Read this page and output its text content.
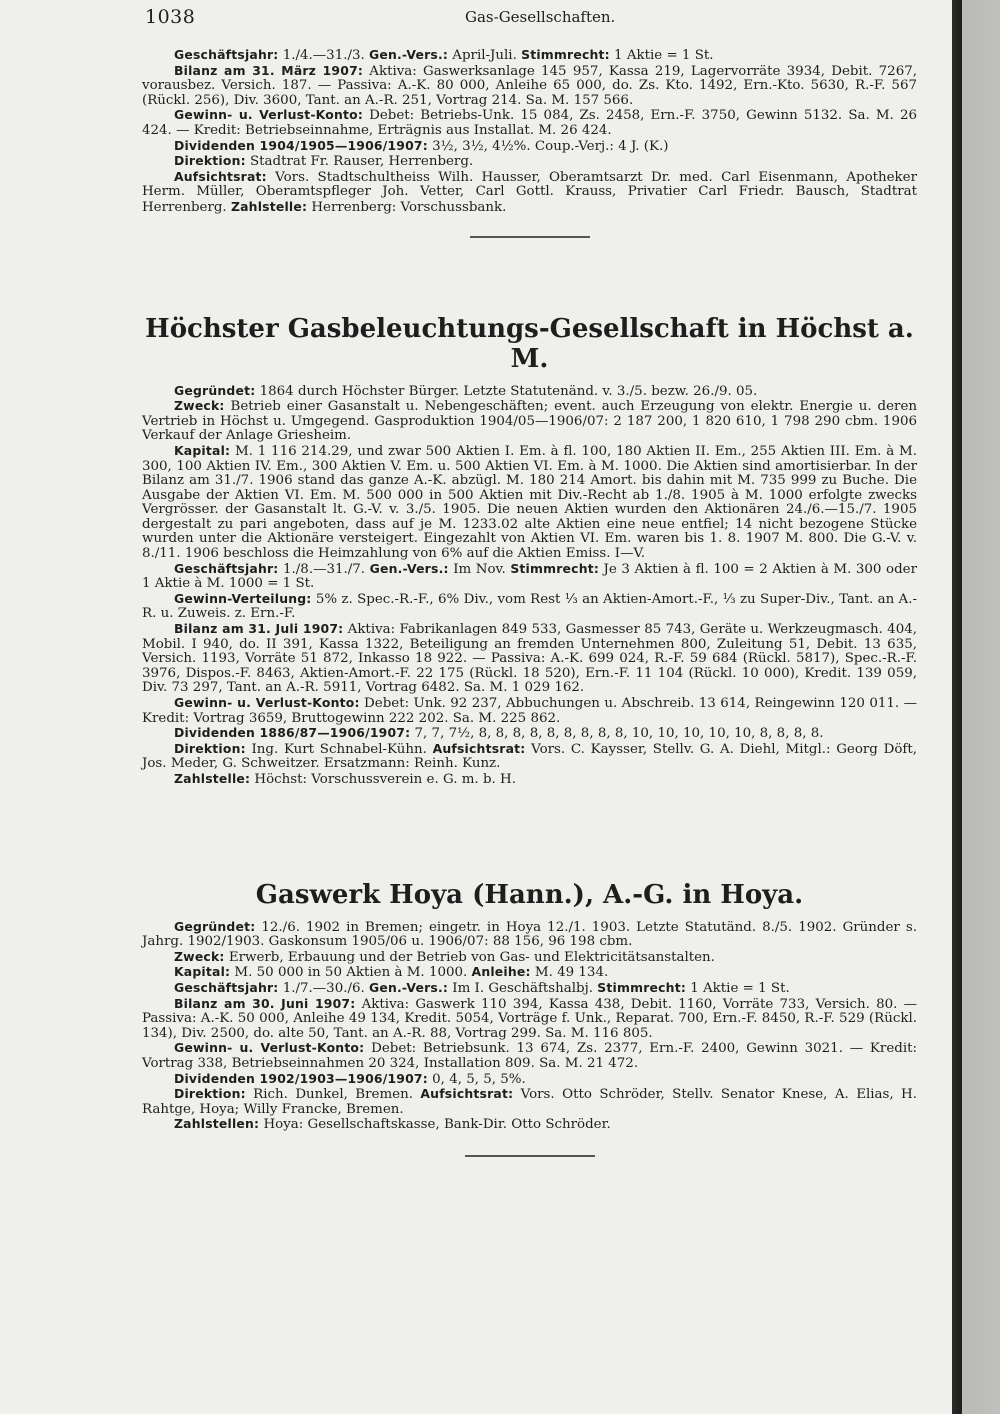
1038	Gas-Gesellschaften.

Geschäftsjahr: 1./4.—31./3. Gen.-Vers.: April-Juli. Stimmrecht: 1 Aktie = 1 St.

Bilanz am 31. März 1907: Aktiva: Gaswerksanlage 145 957, Kassa 219, Lagervorräte 3934, Debit. 7267, vorausbez. Versich. 187. — Passiva: A.-K. 80 000, Anleihe 65 000, do. Zs. Kto. 1492, Ern.-Kto. 5630, R.-F. 567 (Rückl. 256), Div. 3600, Tant. an A.-R. 251, Vortrag 214. Sa. M. 157 566.

Gewinn- u. Verlust-Konto: Debet: Betriebs-Unk. 15 084, Zs. 2458, Ern.-F. 3750, Gewinn 5132. Sa. M. 26 424. — Kredit: Betriebseinnahme, Erträgnis aus Installat. M. 26 424.

Dividenden 1904/1905—1906/1907: 3½, 3½, 4½%. Coup.-Verj.: 4 J. (K.)

Direktion: Stadtrat Fr. Rauser, Herrenberg.

Aufsichtsrat: Vors. Stadtschultheiss Wilh. Hausser, Oberamtsarzt Dr. med. Carl Eisenmann, Apotheker Herm. Müller, Oberamtspfleger Joh. Vetter, Carl Gottl. Krauss, Privatier Carl Friedr. Bausch, Stadtrat Herrenberg. Zahlstelle: Herrenberg: Vorschussbank.

Höchster Gasbeleuchtungs-Gesellschaft in Höchst a. M.

Gegründet: 1864 durch Höchster Bürger. Letzte Statutenänd. v. 3./5. bezw. 26./9. 05.

Zweck: Betrieb einer Gasanstalt u. Nebengeschäften; event. auch Erzeugung von elektr. Energie u. deren Vertrieb in Höchst u. Umgegend. Gasproduktion 1904/05—1906/07: 2 187 200, 1 820 610, 1 798 290 cbm. 1906 Verkauf der Anlage Griesheim.

Kapital: M. 1 116 214.29, und zwar 500 Aktien I. Em. à fl. 100, 180 Aktien II. Em., 255 Aktien III. Em. à M. 300, 100 Aktien IV. Em., 300 Aktien V. Em. u. 500 Aktien VI. Em. à M. 1000. Die Aktien sind amortisierbar. In der Bilanz am 31./7. 1906 stand das ganze A.-K. abzügl. M. 180 214 Amort. bis dahin mit M. 735 999 zu Buche. Die Ausgabe der Aktien VI. Em. M. 500 000 in 500 Aktien mit Div.-Recht ab 1./8. 1905 à M. 1000 erfolgte zwecks Vergrösser. der Gasanstalt lt. G.-V. v. 3./5. 1905. Die neuen Aktien wurden den Aktionären 24./6.—15./7. 1905 dergestalt zu pari angeboten, dass auf je M. 1233.02 alte Aktien eine neue entfiel; 14 nicht bezogene Stücke wurden unter die Aktionäre versteigert. Eingezahlt von Aktien VI. Em. waren bis 1. 8. 1907 M. 800. Die G.-V. v. 8./11. 1906 beschloss die Heimzahlung von 6% auf die Aktien Emiss. I—V.

Geschäftsjahr: 1./8.—31./7. Gen.-Vers.: Im Nov. Stimmrecht: Je 3 Aktien à fl. 100 = 2 Aktien à M. 300 oder 1 Aktie à M. 1000 = 1 St.

Gewinn-Verteilung: 5% z. Spec.-R.-F., 6% Div., vom Rest ⅓ an Aktien-Amort.-F., ⅓ zu Super-Div., Tant. an A.-R. u. Zuweis. z. Ern.-F.

Bilanz am 31. Juli 1907: Aktiva: Fabrikanlagen 849 533, Gasmesser 85 743, Geräte u. Werkzeugmasch. 404, Mobil. I 940, do. II 391, Kassa 1322, Beteiligung an fremden Unternehmen 800, Zuleitung 51, Debit. 13 635, Versich. 1193, Vorräte 51 872, Inkasso 18 922. — Passiva: A.-K. 699 024, R.-F. 59 684 (Rückl. 5817), Spec.-R.-F. 3976, Dispos.-F. 8463, Aktien-Amort.-F. 22 175 (Rückl. 18 520), Ern.-F. 11 104 (Rückl. 10 000), Kredit. 139 059, Div. 73 297, Tant. an A.-R. 5911, Vortrag 6482. Sa. M. 1 029 162.

Gewinn- u. Verlust-Konto: Debet: Unk. 92 237, Abbuchungen u. Abschreib. 13 614, Reingewinn 120 011. — Kredit: Vortrag 3659, Bruttogewinn 222 202. Sa. M. 225 862.

Dividenden 1886/87—1906/1907: 7, 7, 7½, 8, 8, 8, 8, 8, 8, 8, 8, 8, 10, 10, 10, 10, 10, 8, 8, 8, 8.

Direktion: Ing. Kurt Schnabel-Kühn. Aufsichtsrat: Vors. C. Kaysser, Stellv. G. A. Diehl, Mitgl.: Georg Döft, Jos. Meder, G. Schweitzer. Ersatzmann: Reinh. Kunz.

Zahlstelle: Höchst: Vorschussverein e. G. m. b. H.

Gaswerk Hoya (Hann.), A.-G. in Hoya.

Gegründet: 12./6. 1902 in Bremen; eingetr. in Hoya 12./1. 1903. Letzte Statutänd. 8./5. 1902. Gründer s. Jahrg. 1902/1903. Gaskonsum 1905/06 u. 1906/07: 88 156, 96 198 cbm.

Zweck: Erwerb, Erbauung und der Betrieb von Gas- und Elektricitätsanstalten.

Kapital: M. 50 000 in 50 Aktien à M. 1000. Anleihe: M. 49 134.

Geschäftsjahr: 1./7.—30./6. Gen.-Vers.: Im I. Geschäftshalbj. Stimmrecht: 1 Aktie = 1 St.

Bilanz am 30. Juni 1907: Aktiva: Gaswerk 110 394, Kassa 438, Debit. 1160, Vorräte 733, Versich. 80. — Passiva: A.-K. 50 000, Anleihe 49 134, Kredit. 5054, Vorträge f. Unk., Reparat. 700, Ern.-F. 8450, R.-F. 529 (Rückl. 134), Div. 2500, do. alte 50, Tant. an A.-R. 88, Vortrag 299. Sa. M. 116 805.

Gewinn- u. Verlust-Konto: Debet: Betriebsunk. 13 674, Zs. 2377, Ern.-F. 2400, Gewinn 3021. — Kredit: Vortrag 338, Betriebseinnahmen 20 324, Installation 809. Sa. M. 21 472.

Dividenden 1902/1903—1906/1907: 0, 4, 5, 5, 5%.

Direktion: Rich. Dunkel, Bremen. Aufsichtsrat: Vors. Otto Schröder, Stellv. Senator Knese, A. Elias, H. Rahtge, Hoya; Willy Francke, Bremen.

Zahlstellen: Hoya: Gesellschaftskasse, Bank-Dir. Otto Schröder.
